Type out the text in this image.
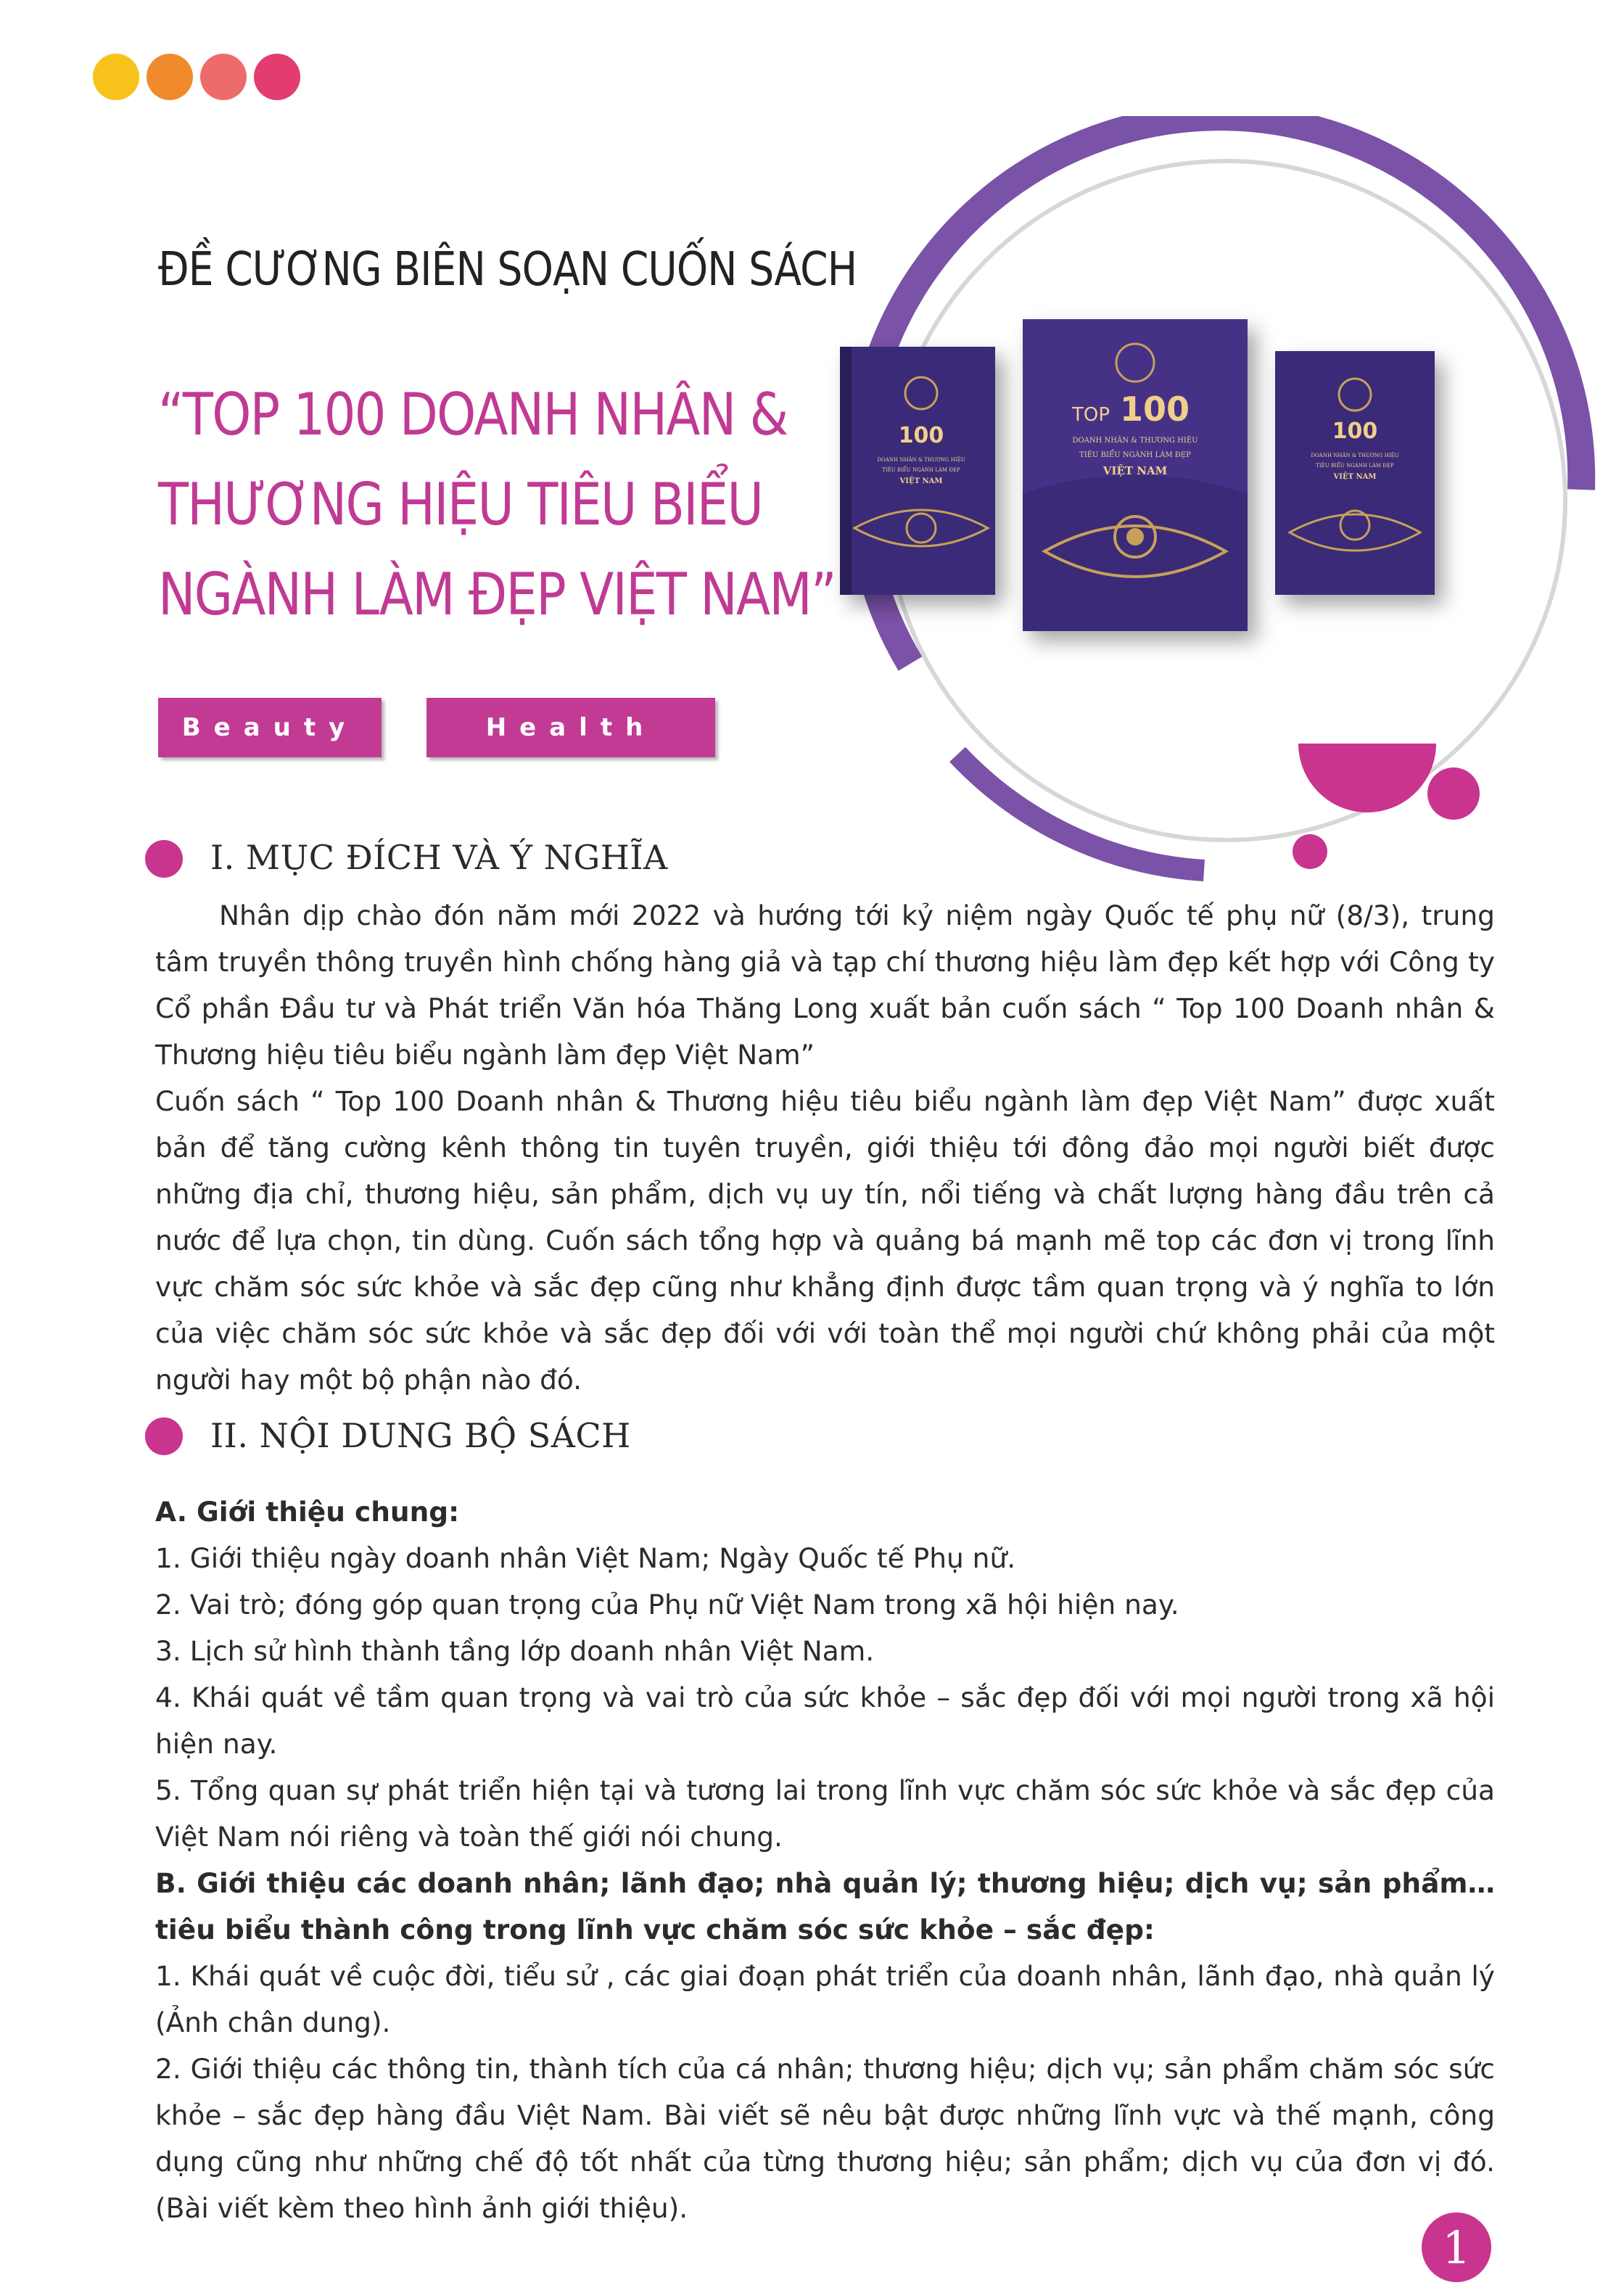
ĐỀ CƯƠNG BIÊN SOẠN CUỐN SÁCH
“TOP 100 DOANH NHÂN &
THƯƠNG HIỆU TIÊU BIỂU
NGÀNH LÀM ĐẸP VIỆT NAM”
Beauty	Health
100
DOANH NHÂN & THƯƠNG HIỆU
TIÊU BIỂU NGÀNH LÀM ĐẸP
VIỆT NAM
TOP 100
DOANH NHÂN & THƯƠNG HIỆU
TIÊU BIỂU NGÀNH LÀM ĐẸP
VIỆT NAM
100
DOANH NHÂN & THƯƠNG HIỆU
TIÊU BIỂU NGÀNH LÀM ĐẸP
VIỆT NAM
I. MỤC ĐÍCH VÀ Ý NGHĨA

Nhân dịp chào đón năm mới 2022 và hướng tới kỷ niệm ngày Quốc tế phụ nữ (8/3), trung tâm truyền thông truyền hình chống hàng giả và tạp chí thương hiệu làm đẹp kết hợp với Công ty Cổ phần Đầu tư và Phát triển Văn hóa Thăng Long xuất bản cuốn sách “ Top 100 Doanh nhân & Thương hiệu tiêu biểu ngành làm đẹp Việt Nam”

Cuốn sách “ Top 100 Doanh nhân & Thương hiệu tiêu biểu ngành làm đẹp Việt Nam” được xuất bản để tăng cường kênh thông tin tuyên truyền, giới thiệu tới đông đảo mọi người biết được những địa chỉ, thương hiệu, sản phẩm, dịch vụ uy tín, nổi tiếng và chất lượng hàng đầu trên cả nước để lựa chọn, tin dùng. Cuốn sách tổng hợp và quảng bá mạnh mẽ top các đơn vị trong lĩnh vực chăm sóc sức khỏe và sắc đẹp cũng như khẳng định được tầm quan trọng và ý nghĩa to lớn của việc chăm sóc sức khỏe và sắc đẹp đối với với toàn thể mọi người chứ không phải của một người hay một bộ phận nào đó.

II. NỘI DUNG BỘ SÁCH

A. Giới thiệu chung:

1. Giới thiệu ngày doanh nhân Việt Nam; Ngày Quốc tế Phụ nữ.

2. Vai trò; đóng góp quan trọng của Phụ nữ Việt Nam trong xã hội hiện nay.

3. Lịch sử hình thành tầng lớp doanh nhân Việt Nam.

4. Khái quát về tầm quan trọng và vai trò của sức khỏe – sắc đẹp đối với mọi người trong xã hội hiện nay.

5. Tổng quan sự phát triển hiện tại và tương lai trong lĩnh vực chăm sóc sức khỏe và sắc đẹp của Việt Nam nói riêng và toàn thế giới nói chung.

B. Giới thiệu các doanh nhân; lãnh đạo; nhà quản lý; thương hiệu; dịch vụ; sản phẩm… tiêu biểu thành công trong lĩnh vực chăm sóc sức khỏe – sắc đẹp:

1. Khái quát về cuộc đời, tiểu sử , các giai đoạn phát triển của doanh nhân, lãnh đạo, nhà quản lý (Ảnh chân dung).

2. Giới thiệu các thông tin, thành tích của cá nhân; thương hiệu; dịch vụ; sản phẩm chăm sóc sức khỏe – sắc đẹp hàng đầu Việt Nam. Bài viết sẽ nêu bật được những lĩnh vực và thế mạnh, công dụng cũng như những chế độ tốt nhất của từng thương hiệu; sản phẩm; dịch vụ của đơn vị đó. (Bài viết kèm theo hình ảnh giới thiệu).

1
